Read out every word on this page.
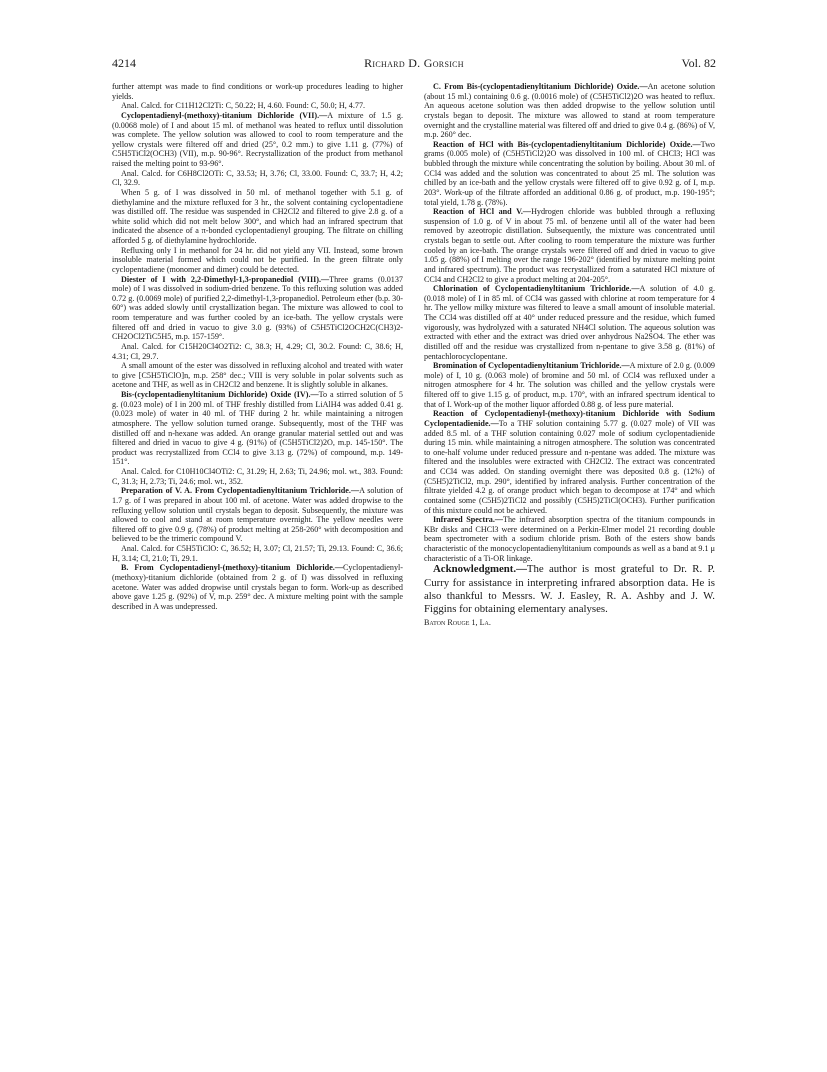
4214	Richard D. Gorsich	Vol. 82

further attempt was made to find conditions or work-up procedures leading to higher yields.

Anal. Calcd. for C11H12Cl2Ti: C, 50.22; H, 4.60. Found: C, 50.0; H, 4.77.

Cyclopentadienyl-(methoxy)-titanium Dichloride (VII).—A mixture of 1.5 g. (0.0068 mole) of I and about 15 ml. of methanol was heated to reflux until dissolution was complete. The yellow solution was allowed to cool to room temperature and the yellow crystals were filtered off and dried (25°, 0.2 mm.) to give 1.11 g. (77%) of C5H5TiCl2(OCH3) (VII), m.p. 90-96°. Recrystallization of the product from methanol raised the melting point to 93-96°.

Anal. Calcd. for C6H8Cl2OTi: C, 33.53; H, 3.76; Cl, 33.00. Found: C, 33.7; H, 4.2; Cl, 32.9.

When 5 g. of I was dissolved in 50 ml. of methanol together with 5.1 g. of diethylamine and the mixture refluxed for 3 hr., the solvent containing cyclopentadiene was distilled off. The residue was suspended in CH2Cl2 and filtered to give 2.8 g. of a white solid which did not melt below 300°, and which had an infrared spectrum that indicated the absence of a π-bonded cyclopentadienyl grouping. The filtrate on chilling afforded 5 g. of diethylamine hydrochloride.

Refluxing only I in methanol for 24 hr. did not yield any VII. Instead, some brown insoluble material formed which could not be purified. In the green filtrate only cyclopentadiene (monomer and dimer) could be detected.

Diester of I with 2,2-Dimethyl-1,3-propanediol (VIII).—Three grams (0.0137 mole) of I was dissolved in sodium-dried benzene. To this refluxing solution was added 0.72 g. (0.0069 mole) of purified 2,2-dimethyl-1,3-propanediol. Petroleum ether (b.p. 30-60°) was added slowly until crystallization began. The mixture was allowed to cool to room temperature and was further cooled by an ice-bath. The yellow crystals were filtered off and dried in vacuo to give 3.0 g. (93%) of C5H5TiCl2OCH2C(CH3)2-CH2OCl2TiC5H5, m.p. 157-159°.

Anal. Calcd. for C15H20Cl4O2Ti2: C, 38.3; H, 4.29; Cl, 30.2. Found: C, 38.6; H, 4.31; Cl, 29.7.

A small amount of the ester was dissolved in refluxing alcohol and treated with water to give [C5H5TiClO]n, m.p. 258° dec.; VIII is very soluble in polar solvents such as acetone and THF, as well as in CH2Cl2 and benzene. It is slightly soluble in alkanes.

Bis-(cyclopentadienyltitanium Dichloride) Oxide (IV).—To a stirred solution of 5 g. (0.023 mole) of I in 200 ml. of THF freshly distilled from LiAlH4 was added 0.41 g. (0.023 mole) of water in 40 ml. of THF during 2 hr. while maintaining a nitrogen atmosphere. The yellow solution turned orange. Subsequently, most of the THF was distilled off and n-hexane was added. An orange granular material settled out and was filtered and dried in vacuo to give 4 g. (91%) of (C5H5TiCl2)2O, m.p. 145-150°. The product was recrystallized from CCl4 to give 3.13 g. (72%) of compound, m.p. 149-151°.

Anal. Calcd. for C10H10Cl4OTi2: C, 31.29; H, 2.63; Ti, 24.96; mol. wt., 383. Found: C, 31.3; H, 2.73; Ti, 24.6; mol. wt., 352.

Preparation of V. A. From Cyclopentadienyltitanium Trichloride.—A solution of 1.7 g. of I was prepared in about 100 ml. of acetone. Water was added dropwise to the refluxing yellow solution until crystals began to deposit. Subsequently, the mixture was allowed to cool and stand at room temperature overnight. The yellow needles were filtered off to give 0.9 g. (78%) of product melting at 258-260° with decomposition and believed to be the trimeric compound V.

Anal. Calcd. for C5H5TiClO: C, 36.52; H, 3.07; Cl, 21.57; Ti, 29.13. Found: C, 36.6; H, 3.14; Cl, 21.0; Ti, 29.1.

B. From Cyclopentadienyl-(methoxy)-titanium Dichloride.—Cyclopentadienyl-(methoxy)-titanium dichloride (obtained from 2 g. of I) was dissolved in refluxing acetone. Water was added dropwise until crystals began to form. Work-up as described above gave 1.25 g. (92%) of V, m.p. 259° dec. A mixture melting point with the sample described in A was undepressed.

C. From Bis-(cyclopentadienyltitanium Dichloride) Oxide.—An acetone solution (about 15 ml.) containing 0.6 g. (0.0016 mole) of (C5H5TiCl2)2O was heated to reflux. An aqueous acetone solution was then added dropwise to the yellow solution until crystals began to deposit. The mixture was allowed to stand at room temperature overnight and the crystalline material was filtered off and dried to give 0.4 g. (86%) of V, m.p. 260° dec.

Reaction of HCl with Bis-(cyclopentadienyltitanium Dichloride) Oxide.—Two grams (0.005 mole) of (C5H5TiCl2)2O was dissolved in 100 ml. of CHCl3; HCl was bubbled through the mixture while concentrating the solution by boiling. About 30 ml. of CCl4 was added and the solution was concentrated to about 25 ml. The solution was chilled by an ice-bath and the yellow crystals were filtered off to give 0.92 g. of I, m.p. 203°. Work-up of the filtrate afforded an additional 0.86 g. of product, m.p. 190-195°; total yield, 1.78 g. (78%).

Reaction of HCl and V.—Hydrogen chloride was bubbled through a refluxing suspension of 1.0 g. of V in about 75 ml. of benzene until all of the water had been removed by azeotropic distillation. Subsequently, the mixture was concentrated until crystals began to settle out. After cooling to room temperature the mixture was further cooled by an ice-bath. The orange crystals were filtered off and dried in vacuo to give 1.05 g. (88%) of I melting over the range 196-202° (identified by mixture melting point and infrared spectrum). The product was recrystallized from a saturated HCl mixture of CCl4 and CH2Cl2 to give a product melting at 204-205°.

Chlorination of Cyclopentadienyltitanium Trichloride.—A solution of 4.0 g. (0.018 mole) of I in 85 ml. of CCl4 was gassed with chlorine at room temperature for 4 hr. The yellow milky mixture was filtered to leave a small amount of insoluble material. The CCl4 was distilled off at 40° under reduced pressure and the residue, which fumed vigorously, was hydrolyzed with a saturated NH4Cl solution. The aqueous solution was extracted with ether and the extract was dried over anhydrous Na2SO4. The ether was distilled off and the residue was crystallized from n-pentane to give 3.58 g. (81%) of pentachlorocyclopentane.

Bromination of Cyclopentadienyltitanium Trichloride.—A mixture of 2.0 g. (0.009 mole) of I, 10 g. (0.063 mole) of bromine and 50 ml. of CCl4 was refluxed under a nitrogen atmosphere for 4 hr. The solution was chilled and the yellow crystals were filtered off to give 1.15 g. of product, m.p. 170°, with an infrared spectrum identical to that of I. Work-up of the mother liquor afforded 0.88 g. of less pure material.

Reaction of Cyclopentadienyl-(methoxy)-titanium Dichloride with Sodium Cyclopentadienide.—To a THF solution containing 5.77 g. (0.027 mole) of VII was added 8.5 ml. of a THF solution containing 0.027 mole of sodium cyclopentadienide during 15 min. while maintaining a nitrogen atmosphere. The solution was concentrated to one-half volume under reduced pressure and n-pentane was added. The mixture was filtered and the insolubles were extracted with CH2Cl2. The extract was concentrated and CCl4 was added. On standing overnight there was deposited 0.8 g. (12%) of (C5H5)2TiCl2, m.p. 290°, identified by infrared analysis. Further concentration of the filtrate yielded 4.2 g. of orange product which began to decompose at 174° and which contained some (C5H5)2TiCl2 and possibly (C5H5)2TiCl(OCH3). Further purification of this mixture could not be achieved.

Infrared Spectra.—The infrared absorption spectra of the titanium compounds in KBr disks and CHCl3 were determined on a Perkin-Elmer model 21 recording double beam spectrometer with a sodium chloride prism. Both of the esters show bands characteristic of the monocyclopentadienyltitanium compounds as well as a band at 9.1 μ characteristic of a Ti-OR linkage.

Acknowledgment.—The author is most grateful to Dr. R. P. Curry for assistance in interpreting infrared absorption data. He is also thankful to Messrs. W. J. Easley, R. A. Ashby and J. W. Figgins for obtaining elementary analyses.

Baton Rouge 1, La.
